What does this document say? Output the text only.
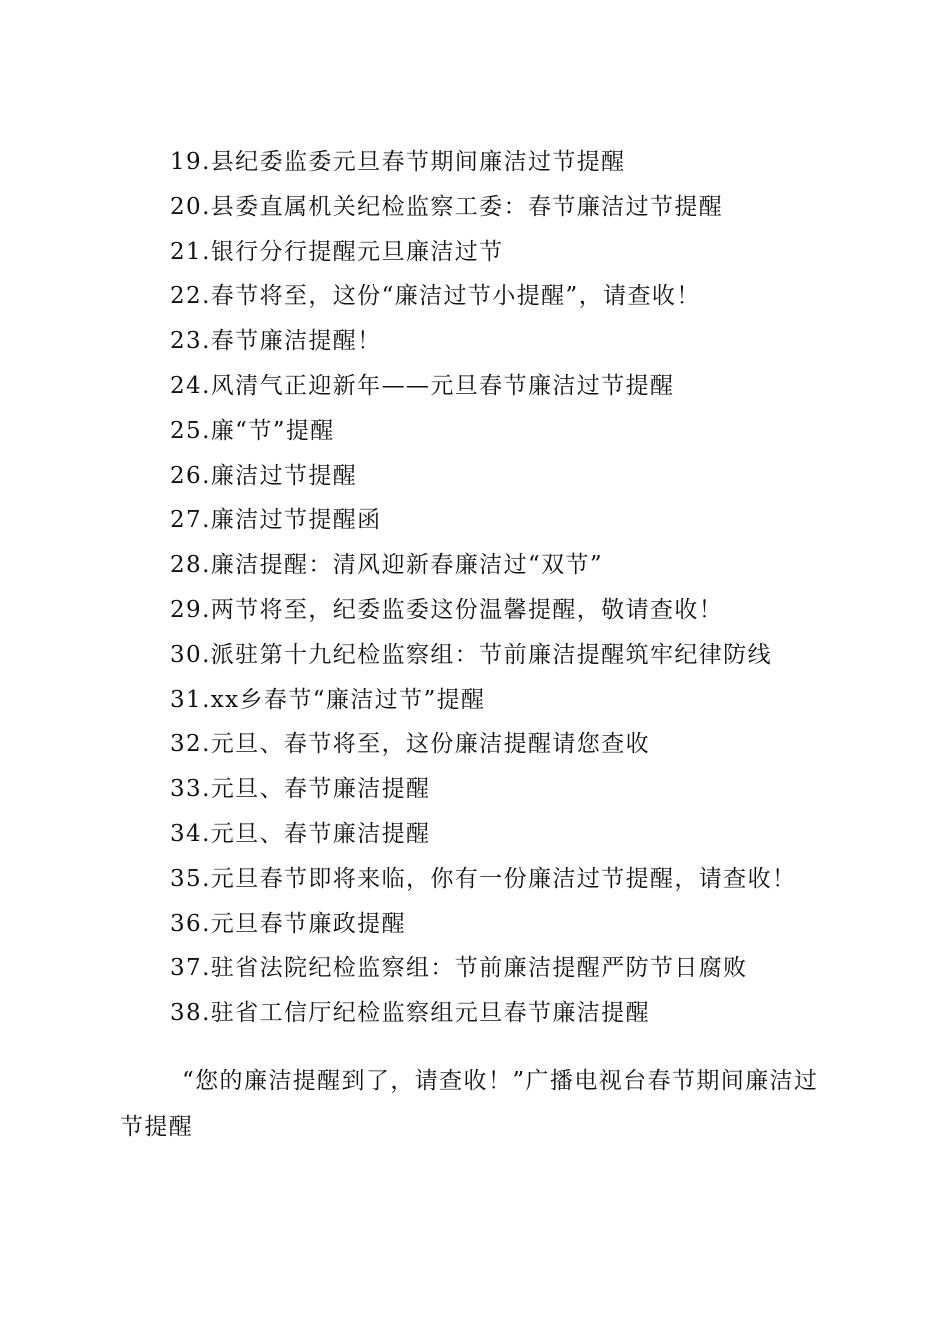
19.县纪委监委元旦春节期间廉洁过节提醒
20.县委直属机关纪检监察工委：春节廉洁过节提醒
21.银行分行提醒元旦廉洁过节
22.春节将至，这份“廉洁过节小提醒”，请查收！
23.春节廉洁提醒！
24.风清气正迎新年——元旦春节廉洁过节提醒
25.廉“节”提醒
26.廉洁过节提醒
27.廉洁过节提醒函
28.廉洁提醒：清风迎新春廉洁过“双节”
29.两节将至，纪委监委这份温馨提醒，敬请查收！
30.派驻第十九纪检监察组：节前廉洁提醒筑牢纪律防线
31.xx乡春节“廉洁过节”提醒
32.元旦、春节将至，这份廉洁提醒请您查收
33.元旦、春节廉洁提醒
34.元旦、春节廉洁提醒
35.元旦春节即将来临，你有一份廉洁过节提醒，请查收！
36.元旦春节廉政提醒
37.驻省法院纪检监察组：节前廉洁提醒严防节日腐败
38.驻省工信厅纪检监察组元旦春节廉洁提醒

“您的廉洁提醒到了，请查收！”广播电视台春节期间廉洁过节提醒
